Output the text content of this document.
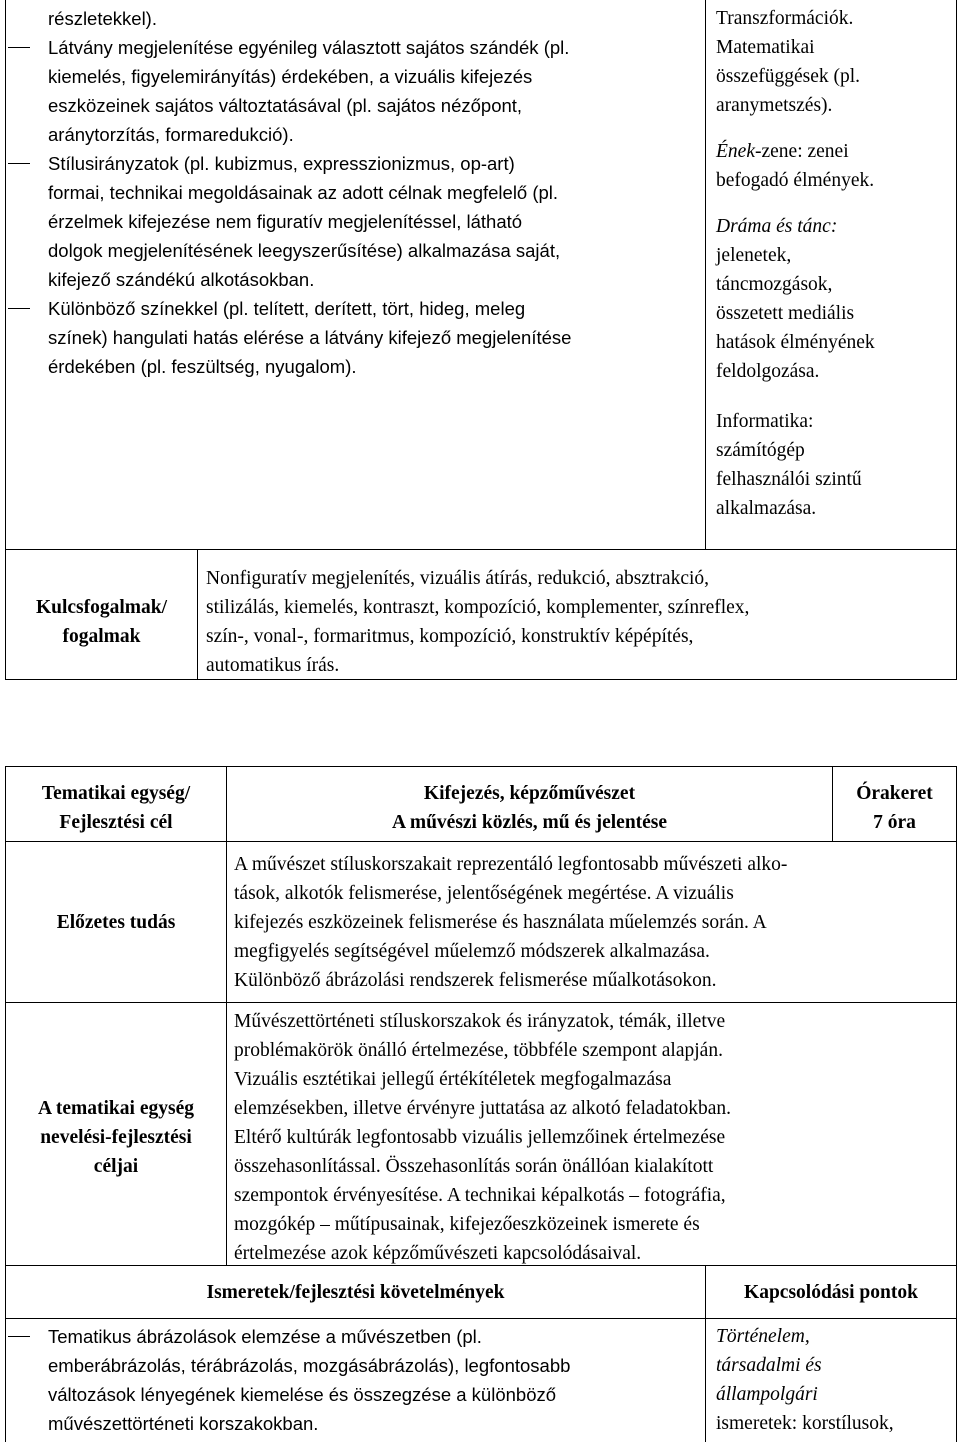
részletekkel).
Látvány megjelenítése egyénileg választott sajátos szándék (pl.
kiemelés, figyelemirányítás) érdekében, a vizuális kifejezés
eszközeinek sajátos változtatásával (pl. sajátos nézőpont,
aránytorzítás, formaredukció).
Stílusirányzatok (pl. kubizmus, expresszionizmus, op-art)
formai, technikai megoldásainak az adott célnak megfelelő (pl.
érzelmek kifejezése nem figuratív megjelenítéssel, látható
dolgok megjelenítésének leegyszerűsítése) alkalmazása saját,
kifejező szándékú alkotásokban.
Különböző színekkel (pl. telített, derített, tört, hideg, meleg
színek) hangulati hatás elérése a látvány kifejező megjelenítése
érdekében (pl. feszültség, nyugalom).
Transzformációk.
Matematikai
összefüggések (pl.
aranymetszés).
Ének-zene: zenei
befogadó élmények.
Dráma és tánc:
jelenetek,
táncmozgások,
összetett mediális
hatások élményének
feldolgozása.
Informatika:
számítógép
felhasználói szintű
alkalmazása.
Kulcsfogalmak/
fogalmak
Nonfiguratív megjelenítés, vizuális átírás, redukció, absztrakció,
stilizálás, kiemelés, kontraszt, kompozíció, komplementer, színreflex,
szín-, vonal-, formaritmus, kompozíció, konstruktív képépítés,
automatikus írás.
Tematikai egység/
Fejlesztési cél
Kifejezés, képzőművészet
A művészi közlés, mű és jelentése
Órakeret
7 óra
Előzetes tudás
A művészet stíluskorszakait reprezentáló legfontosabb művészeti alko-
tások, alkotók felismerése, jelentőségének megértése. A vizuális
kifejezés eszközeinek felismerése és használata műelemzés során. A
megfigyelés segítségével műelemző módszerek alkalmazása.
Különböző ábrázolási rendszerek felismerése műalkotásokon.
A tematikai egység
nevelési-fejlesztési
céljai
Művészettörténeti stíluskorszakok és irányzatok, témák, illetve
problémakörök önálló értelmezése, többféle szempont alapján.
Vizuális esztétikai jellegű értékítéletek megfogalmazása
elemzésekben, illetve érvényre juttatása az alkotó feladatokban.
Eltérő kultúrák legfontosabb vizuális jellemzőinek értelmezése
összehasonlítással. Összehasonlítás során önállóan kialakított
szempontok érvényesítése. A technikai képalkotás – fotográfia,
mozgókép – műtípusainak, kifejezőeszközeinek ismerete és
értelmezése azok képzőművészeti kapcsolódásaival.
Ismeretek/fejlesztési követelmények	Kapcsolódási pontok
Tematikus ábrázolások elemzése a művészetben (pl.
emberábrázolás, térábrázolás, mozgásábrázolás), legfontosabb
változások lényegének kiemelése és összegzése a különböző
művészettörténeti korszakokban.
Történelem,
társadalmi és
állampolgári
ismeretek: korstílusok,
